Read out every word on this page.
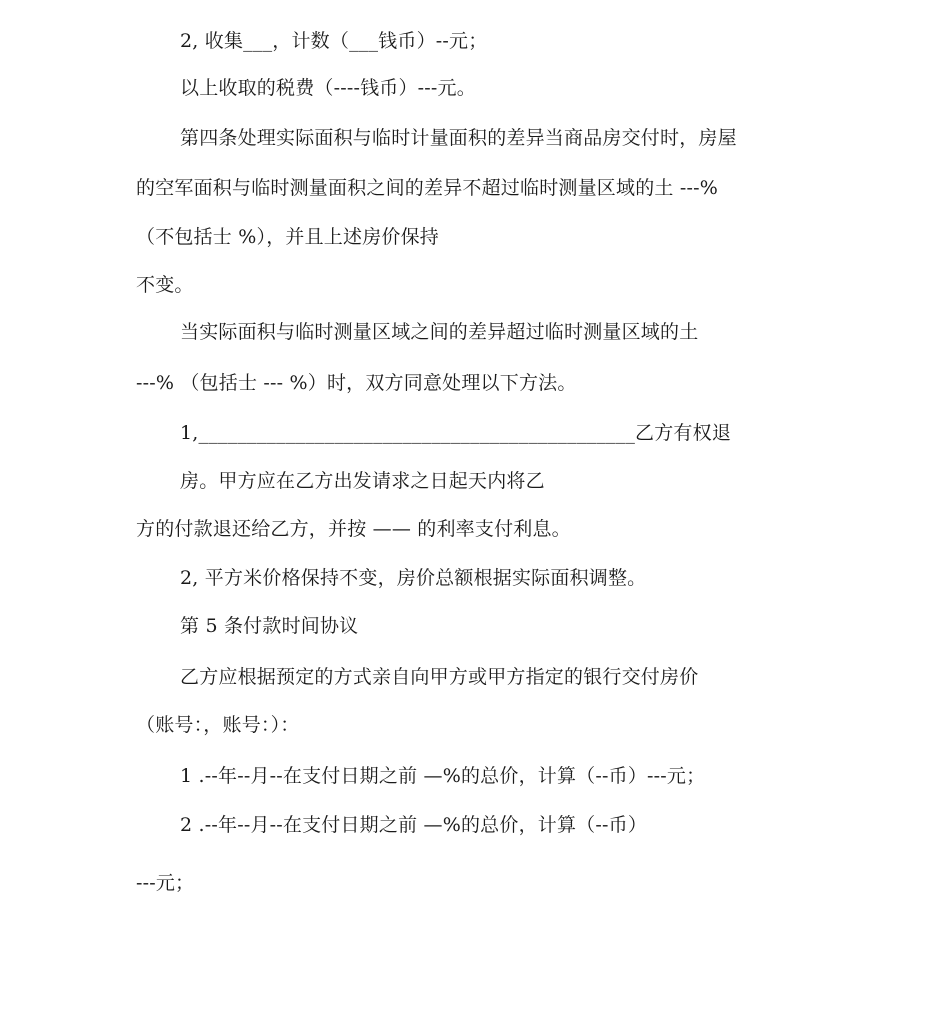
2, 收集___，计数（___钱币）--元；
以上收取的税费（----钱币）---元。
第四条处理实际面积与临时计量面积的差异当商品房交付时，房屋
的空军面积与临时测量面积之间的差异不超过临时测量区域的土 ---%
（不包括士 %），并且上述房价保持
不变。
当实际面积与临时测量区域之间的差异超过临时测量区域的土
---% （包括士 --- %）时，双方同意处理以下方法。
1,_____________________________________________乙方有权退
房。甲方应在乙方出发请求之日起天内将乙
方的付款退还给乙方，并按 —— 的利率支付利息。
2, 平方米价格保持不变，房价总额根据实际面积调整。
第 5 条付款时间协议
乙方应根据预定的方式亲自向甲方或甲方指定的银行交付房价
（账号：，账号：）：
1 .--年--月--在支付日期之前 —%的总价，计算（--币）---元；
2 .--年--月--在支付日期之前 —%的总价，计算（--币）
---元；
